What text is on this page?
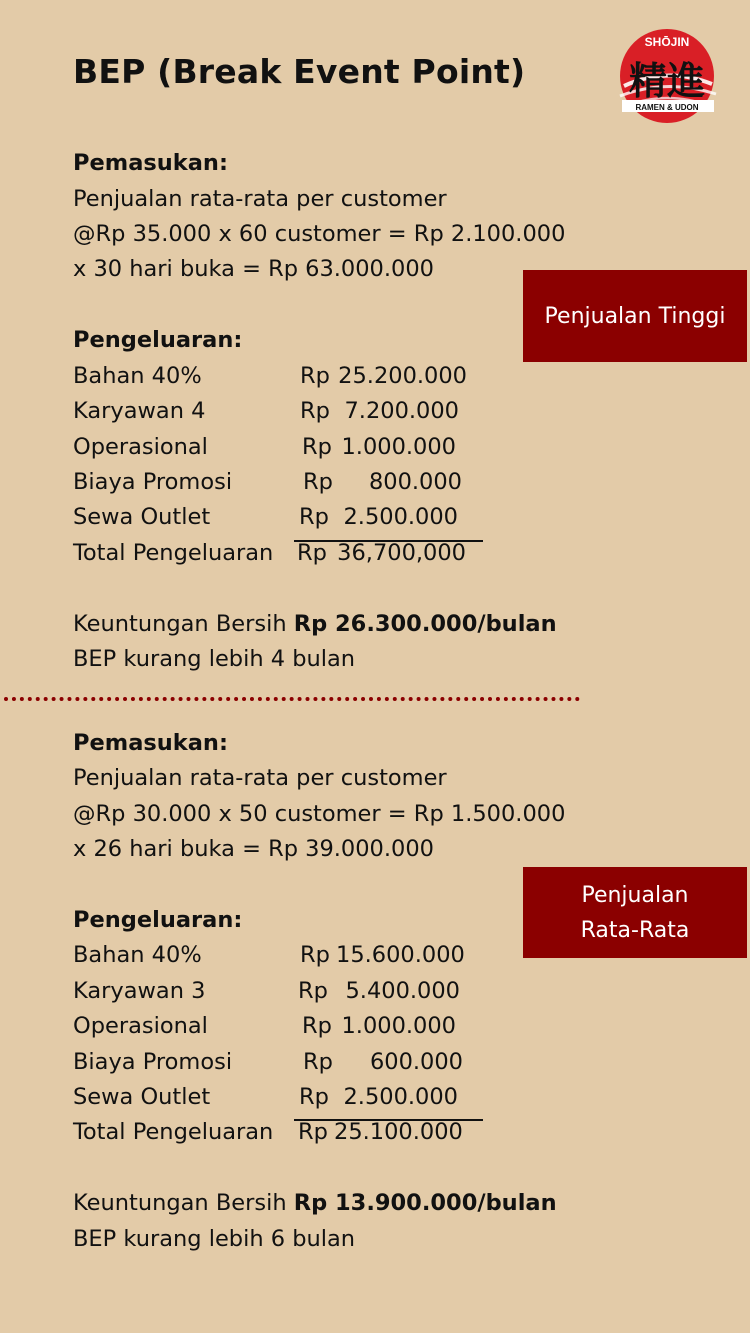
BEP (Break Event Point)
SHŌJIN
精進
RAMEN & UDON
Pemasukan:
Penjualan rata-rata per customer
@Rp 35.000 x 60 customer = Rp 2.100.000
x 30 hari buka = Rp 63.000.000
Penjualan Tinggi
Pengeluaran:
Bahan 40%	Rp 25.200.000
Karyawan 4	Rp 7.200.000
Operasional	Rp 1.000.000
Biaya Promosi	Rp	800.000
Sewa Outlet	Rp 2.500.000
Total Pengeluaran Rp 36,700,000
Keuntungan Bersih Rp 26.300.000/bulan
BEP kurang lebih 4 bulan
Pemasukan:
Penjualan rata-rata per customer
@Rp 30.000 x 50 customer = Rp 1.500.000
x 26 hari buka = Rp 39.000.000
Penjualan
Rata-Rata
Pengeluaran:
Bahan 40%	Rp 15.600.000
Karyawan 3	Rp 5.400.000
Operasional	Rp 1.000.000
Biaya Promosi	Rp	600.000
Sewa Outlet	Rp 2.500.000
Total Pengeluaran Rp 25.100.000
Keuntungan Bersih Rp 13.900.000/bulan
BEP kurang lebih 6 bulan
